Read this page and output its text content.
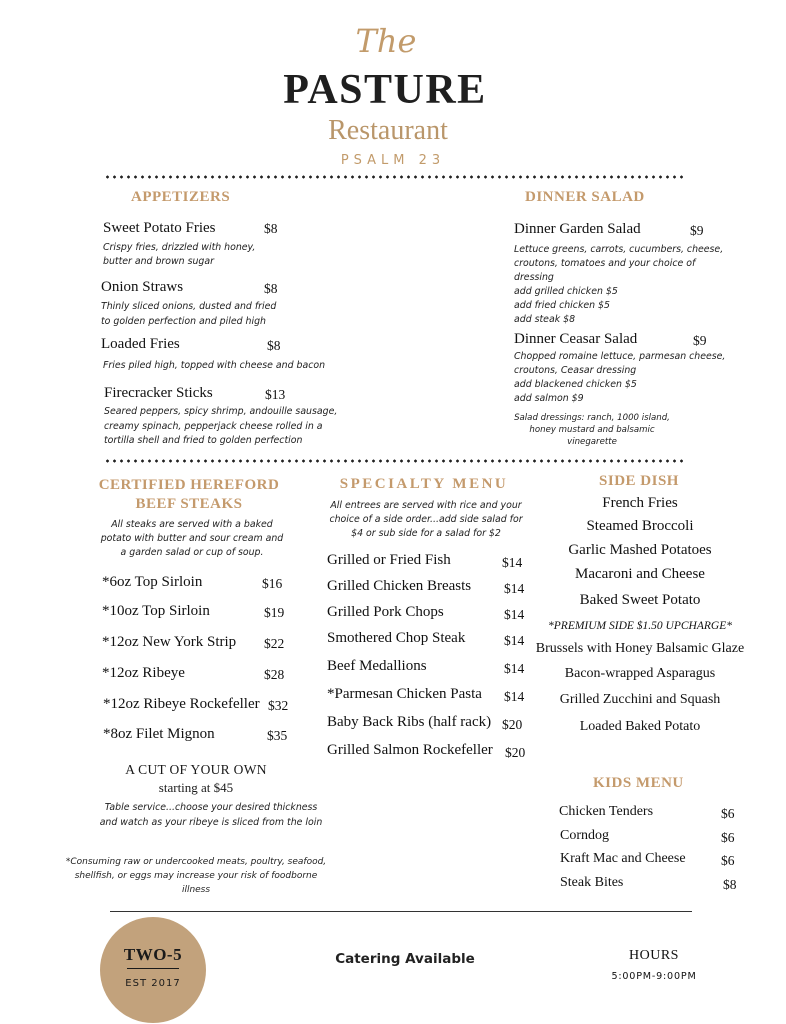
The
PASTURE
Restaurant
PSALM 23
APPETIZERS
Sweet Potato Fries	$8
Crispy fries, drizzled with honey,
butter and brown sugar
Onion Straws	$8
Thinly sliced onions, dusted and fried
to golden perfection and piled high
Loaded Fries	$8
Fries piled high, topped with cheese and bacon
Firecracker Sticks	$13
Seared peppers, spicy shrimp, andouille sausage,
creamy spinach, pepperjack cheese rolled in a
tortilla shell and fried to golden perfection
DINNER SALAD
Dinner Garden Salad	$9
Lettuce greens, carrots, cucumbers, cheese,
croutons, tomatoes and your choice of
dressing
add grilled chicken $5
add fried chicken $5
add steak $8
Dinner Ceasar Salad	$9
Chopped romaine lettuce, parmesan cheese,
croutons, Ceasar dressing
add blackened chicken $5
add salmon $9
Salad dressings: ranch, 1000 island,
honey mustard and balsamic
vinegarette
CERTIFIED HEREFORD
BEEF STEAKS
All steaks are served with a baked
potato with butter and sour cream and
a garden salad or cup of soup.
*6oz Top Sirloin	$16
*10oz Top Sirloin	$19
*12oz New York Strip $22
*12oz Ribeye	$28
*12oz Ribeye Rockefeller $32
*8oz Filet Mignon	$35
A CUT OF YOUR OWN
starting at $45
Table service...choose your desired thickness
and watch as your ribeye is sliced from the loin
*Consuming raw or undercooked meats, poultry, seafood,
shellfish, or eggs may increase your risk of foodborne
illness
SPECIALTY MENU
All entrees are served with rice and your
choice of a side order...add side salad for
$4 or sub side for a salad for $2
Grilled or Fried Fish	$14
Grilled Chicken Breasts $14
Grilled Pork Chops	$14
Smothered Chop Steak	$14
Beef Medallions	$14
*Parmesan Chicken Pasta $14
Baby Back Ribs (half rack) $20
Grilled Salmon Rockefeller $20
SIDE DISH
French Fries
Steamed Broccoli
Garlic Mashed Potatoes
Macaroni and Cheese
Baked Sweet Potato
*PREMIUM SIDE $1.50 UPCHARGE*
Brussels with Honey Balsamic Glaze
Bacon-wrapped Asparagus
Grilled Zucchini and Squash
Loaded Baked Potato
KIDS MENU
Chicken Tenders	$6
Corndog	$6
Kraft Mac and Cheese	$6
Steak Bites	$8
TWO-5
EST 2017
Catering Available	HOURS
5:00PM-9:00PM
